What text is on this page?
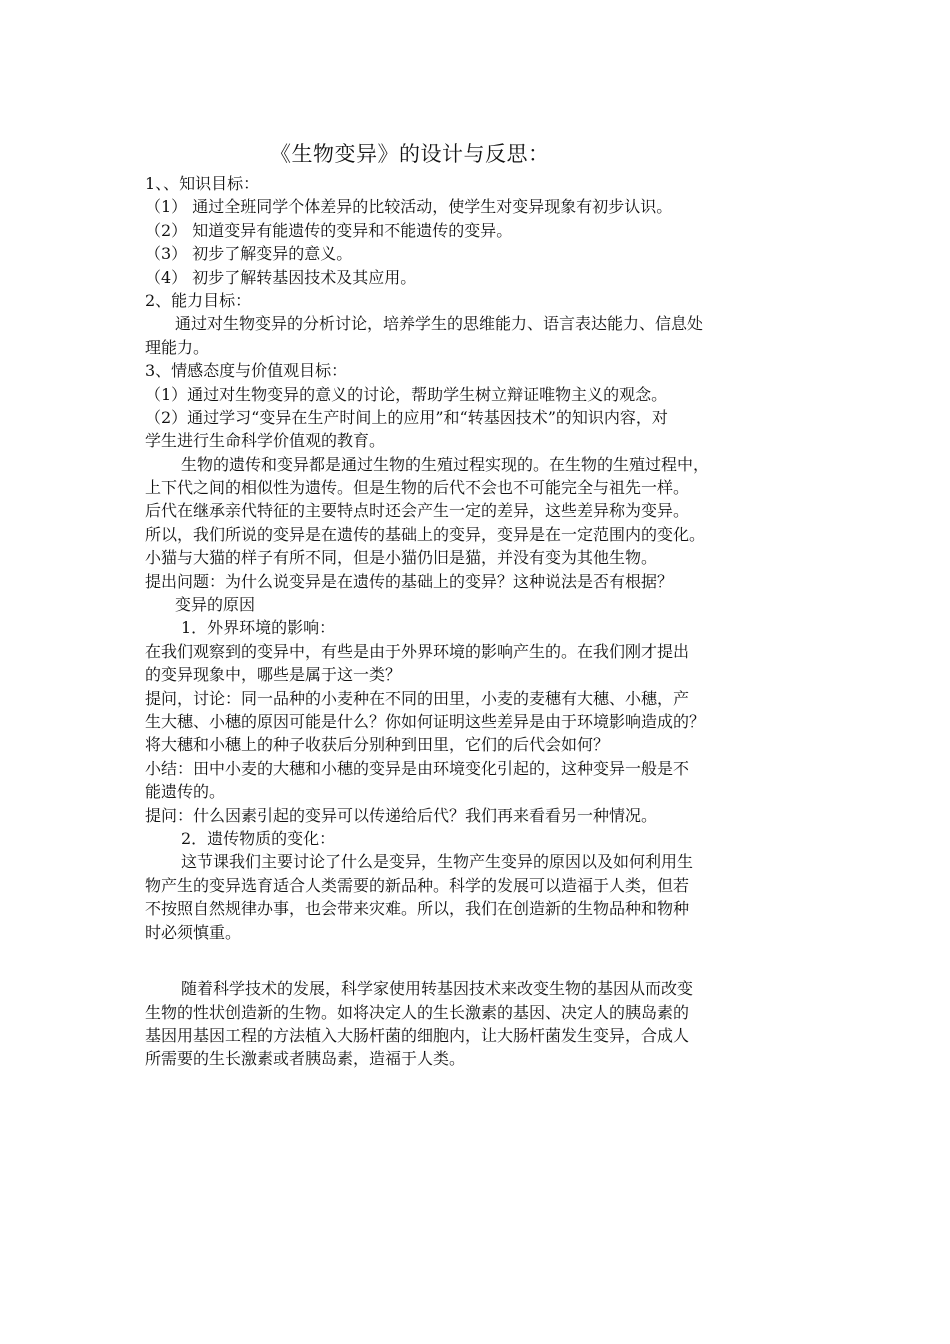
《生物变异》的设计与反思：
1、、知识目标：
（1） 通过全班同学个体差异的比较活动，使学生对变异现象有初步认识。
（2） 知道变异有能遗传的变异和不能遗传的变异。
（3） 初步了解变异的意义。
（4） 初步了解转基因技术及其应用。
2、能力目标：
通过对生物变异的分析讨论，培养学生的思维能力、语言表达能力、信息处
理能力。
3、情感态度与价值观目标：
（1）通过对生物变异的意义的讨论，帮助学生树立辩证唯物主义的观念。
（2）通过学习“变异在生产时间上的应用”和“转基因技术”的知识内容，对
学生进行生命科学价值观的教育。
生物的遗传和变异都是通过生物的生殖过程实现的。在生物的生殖过程中，
上下代之间的相似性为遗传。但是生物的后代不会也不可能完全与祖先一样。
后代在继承亲代特征的主要特点时还会产生一定的差异，这些差异称为变异。
所以，我们所说的变异是在遗传的基础上的变异，变异是在一定范围内的变化。
小猫与大猫的样子有所不同，但是小猫仍旧是猫，并没有变为其他生物。
提出问题：为什么说变异是在遗传的基础上的变异？这种说法是否有根据？
变异的原因
1．外界环境的影响：
在我们观察到的变异中，有些是由于外界环境的影响产生的。在我们刚才提出
的变异现象中，哪些是属于这一类？
提问，讨论：同一品种的小麦种在不同的田里，小麦的麦穗有大穗、小穗，产
生大穗、小穗的原因可能是什么？你如何证明这些差异是由于环境影响造成的？
将大穗和小穗上的种子收获后分别种到田里，它们的后代会如何？
小结：田中小麦的大穗和小穗的变异是由环境变化引起的，这种变异一般是不
能遗传的。
提问：什么因素引起的变异可以传递给后代？我们再来看看另一种情况。
2．遗传物质的变化：
这节课我们主要讨论了什么是变异，生物产生变异的原因以及如何利用生
物产生的变异选育适合人类需要的新品种。科学的发展可以造福于人类，但若
不按照自然规律办事，也会带来灾难。所以，我们在创造新的生物品种和物种
时必须慎重。
随着科学技术的发展，科学家使用转基因技术来改变生物的基因从而改变
生物的性状创造新的生物。如将决定人的生长激素的基因、决定人的胰岛素的
基因用基因工程的方法植入大肠杆菌的细胞内，让大肠杆菌发生变异，合成人
所需要的生长激素或者胰岛素，造福于人类。
